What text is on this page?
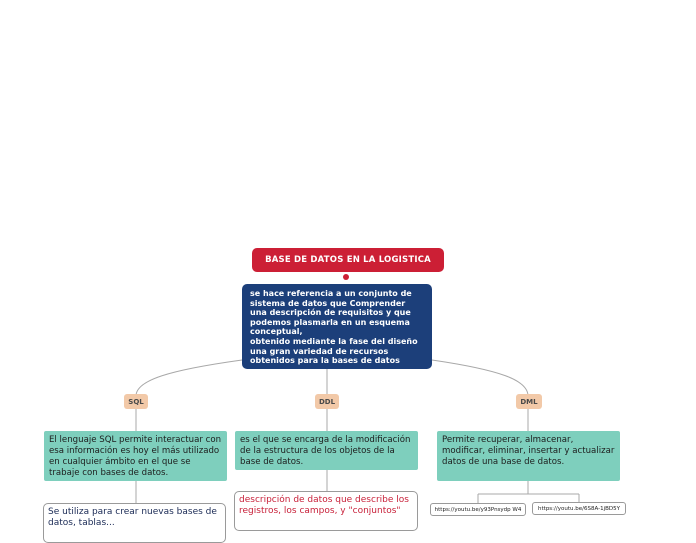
BASE DE DATOS EN LA LOGISTICA
se hace referencia a un conjunto de sistema de datos que Comprender una descripción de requisitos y que podemos plasmarla en un esquema conceptual,
obtenido mediante la fase del diseño una gran variedad de recursos obtenidos para la bases de datos
SQL
El lenguaje SQL permite interactuar con esa información es hoy el más utilizado en cualquier ámbito en el que se trabaje con bases de datos.
Se utiliza para crear nuevas bases de datos, tablas...
DDL
es el que se encarga de la modificación de la estructura de los objetos de la base de datos.
descripción de datos que describe los registros, los campos, y "conjuntos"
DML
Permite recuperar, almacenar, modificar, eliminar, insertar y actualizar datos de una base de datos.
https://youtu.be/y93Pnsydp W4	https://youtu.be/6S8A-1jBD5Y
